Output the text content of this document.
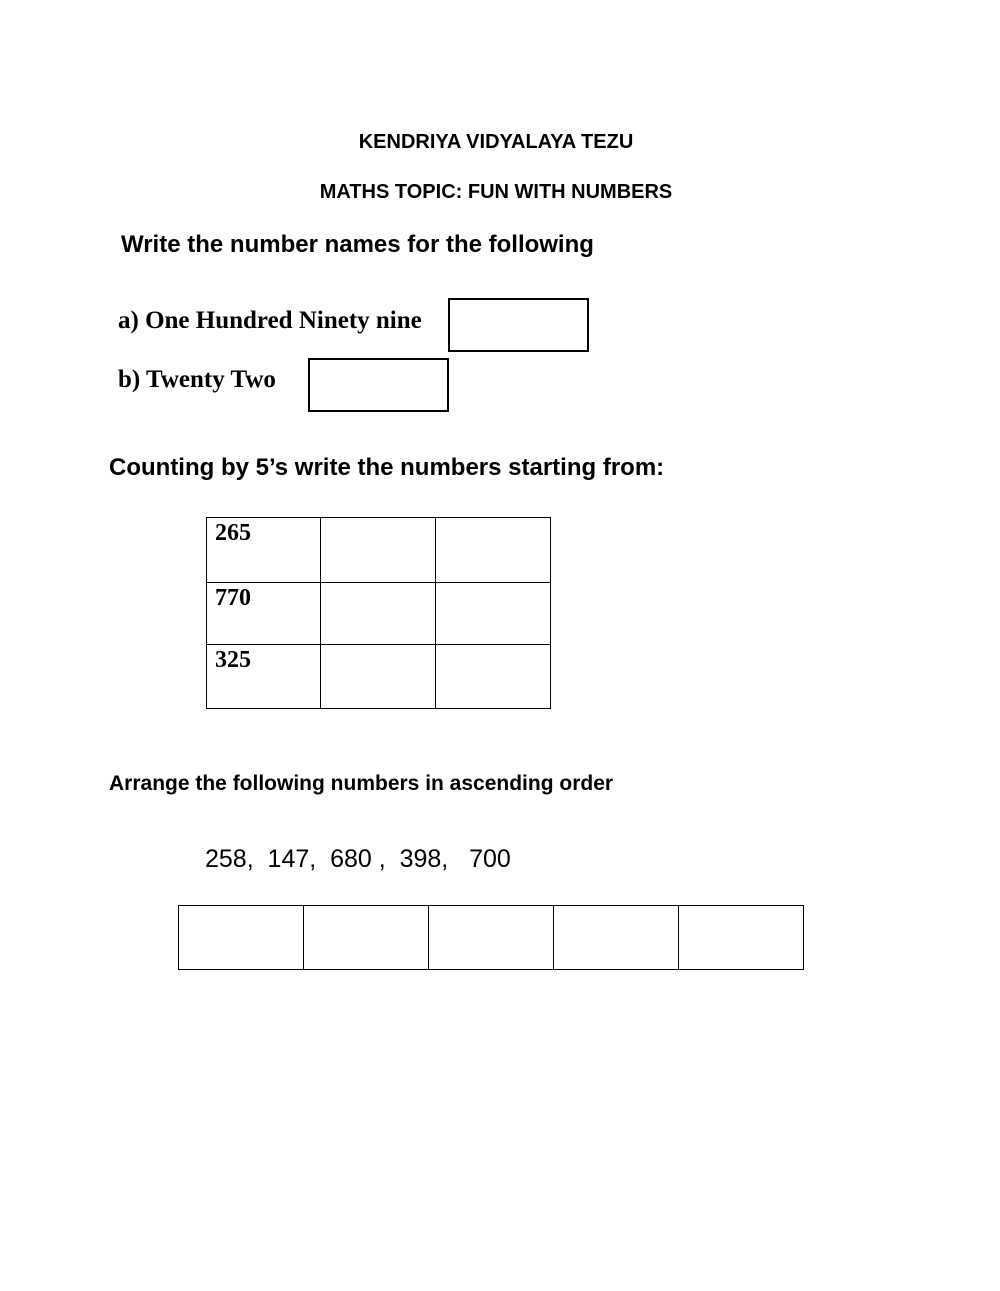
KENDRIYA VIDYALAYA TEZU
MATHS TOPIC: FUN WITH NUMBERS
Write the number names for the following
a) One Hundred Ninety nine
b) Twenty Two
Counting by 5’s write the numbers starting from:
265		
770		
325		
Arrange the following numbers in ascending order
258,  147,  680 ,  398,   700
